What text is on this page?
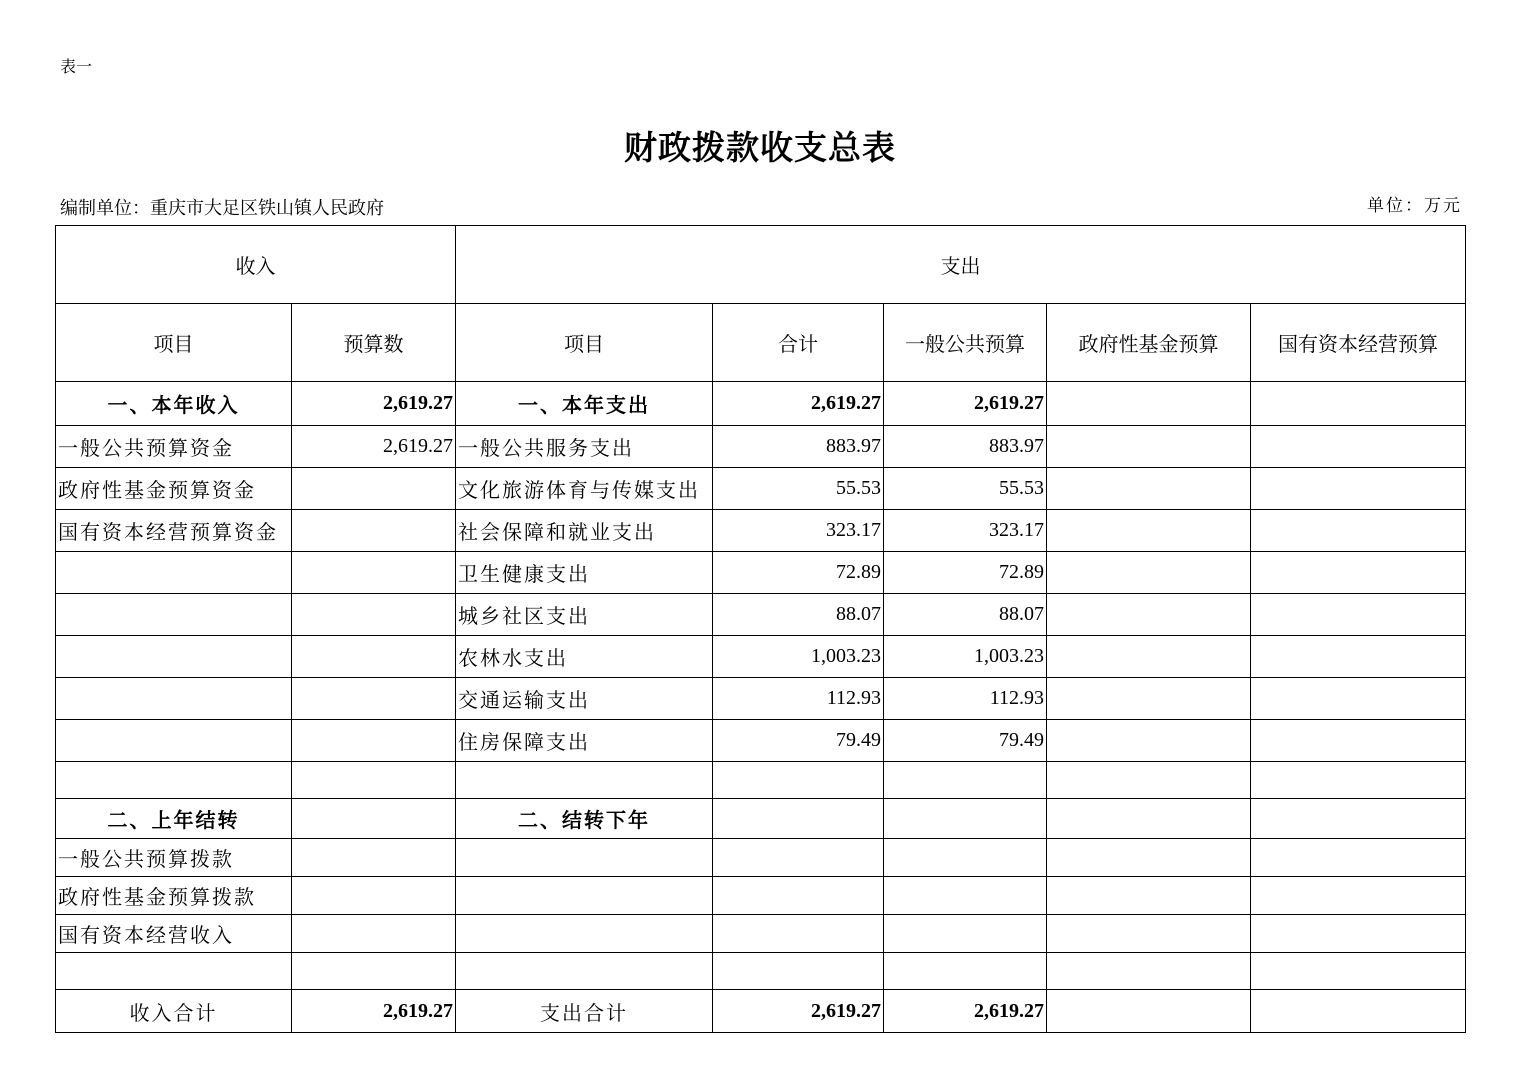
表一
财政拨款收支总表
编制单位：重庆市大足区铁山镇人民政府	单位：万元
收入		支出				
项目	预算数	项目	合计	一般公共预算	政府性基金预算	国有资本经营预算
一、本年收入	2,619.27	一、本年支出	2,619.27	2,619.27		
一般公共预算资金	2,619.27	一般公共服务支出	883.97	883.97		
政府性基金预算资金		文化旅游体育与传媒支出	55.53	55.53		
国有资本经营预算资金		社会保障和就业支出	323.17	323.17		
		卫生健康支出	72.89	72.89		
		城乡社区支出	88.07	88.07		
		农林水支出	1,003.23	1,003.23		
		交通运输支出	112.93	112.93		
		住房保障支出	79.49	79.49		

二、上年结转		二、结转下年				
一般公共预算拨款						
政府性基金预算拨款						
国有资本经营收入						

收入合计	2,619.27	支出合计	2,619.27	2,619.27		
